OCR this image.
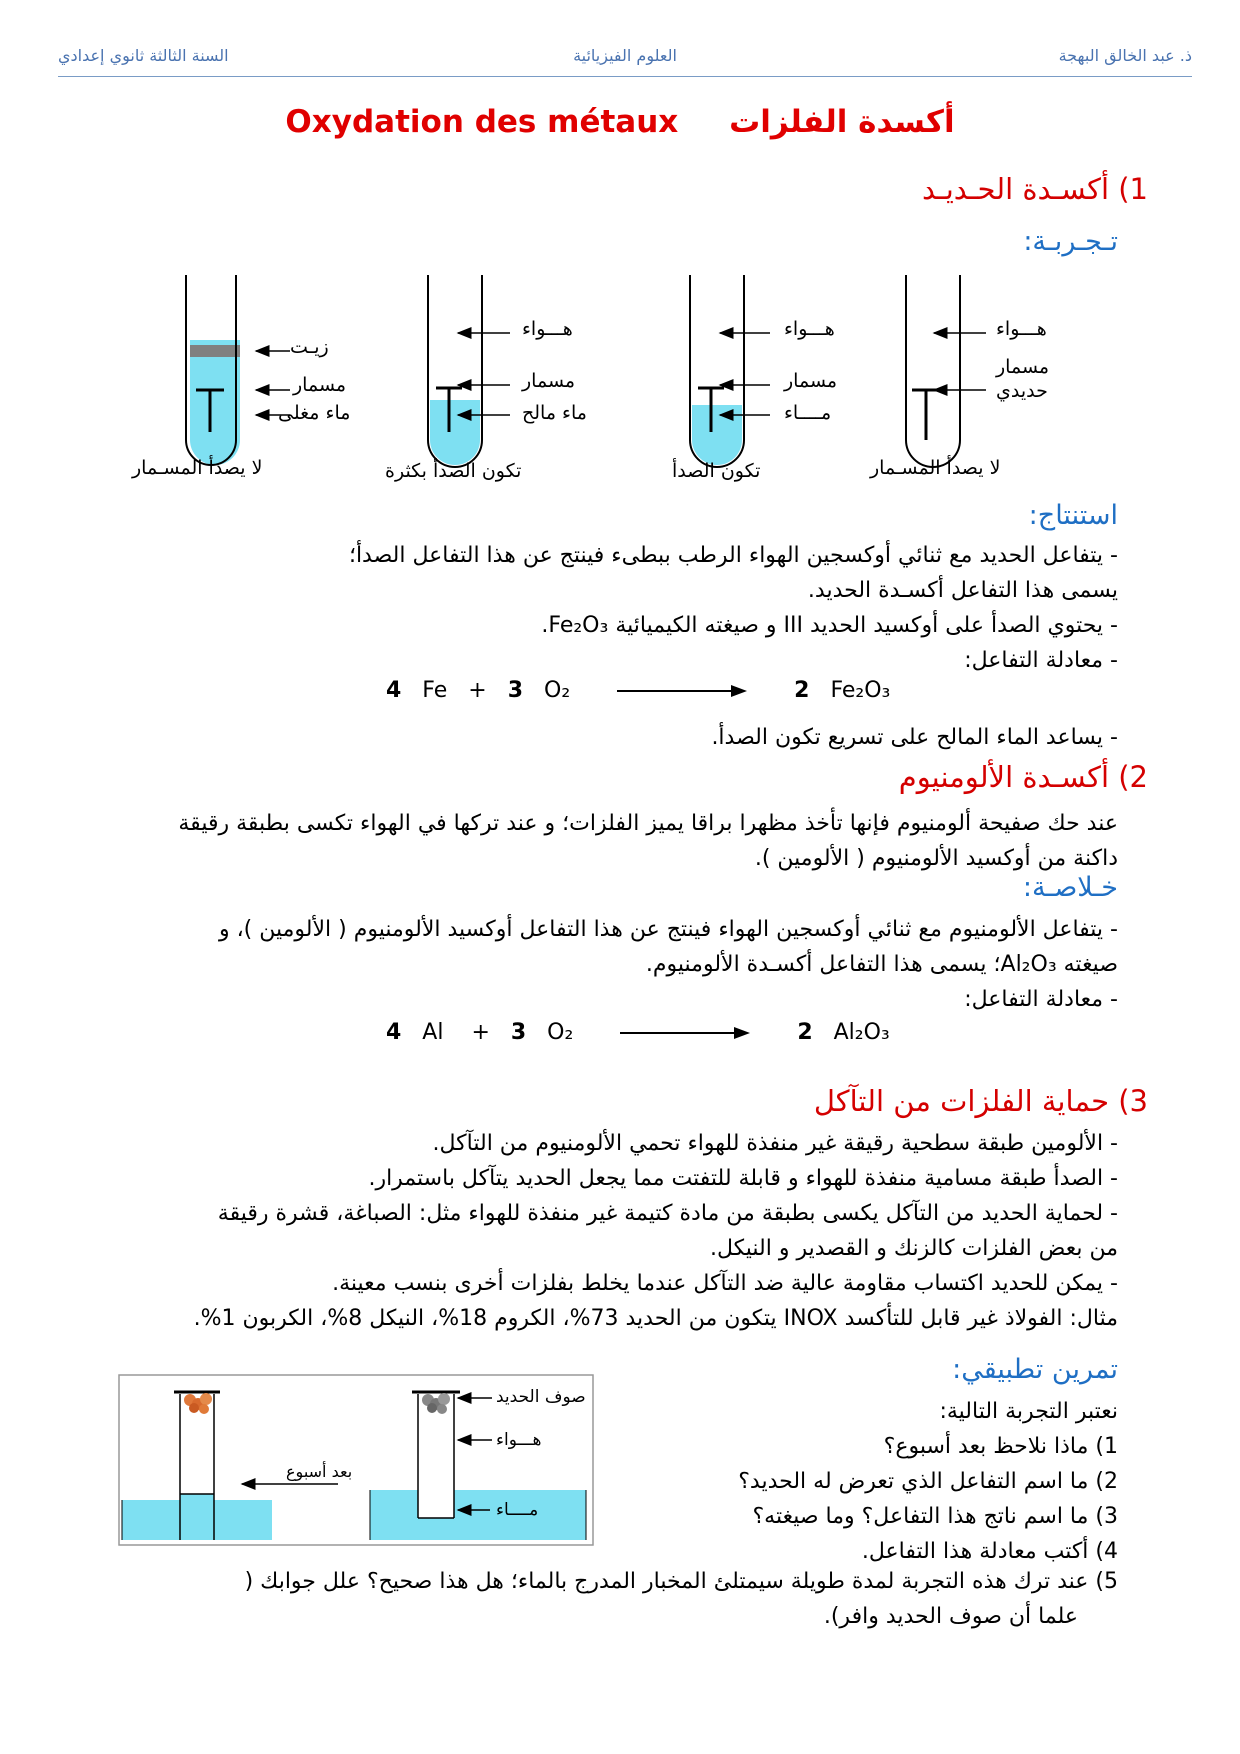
ذ. عبد الخالق البهجة
العلوم الفيزيائية
السنة الثالثة ثانوي إعدادي
Oxydation des métaux أكسدة الفلزات
1) أكسـدة الحـديـد
تـجـربـة:
زيـت
مسمار
ماء مغلى
لا يصدأ المسـمار
هـــواء
مسمار
ماء مالح
تكون الصدأ بكثرة
هـــواء
مسمار
مــــاء
تكون الصدأ
هـــواء
مسمار
حديدي
لا يصدأ المسـمار
استنتاج:

- يتفاعل الحديد مع ثنائي أوكسجين الهواء الرطب ببطىء فينتج عن هذا التفاعل الصدأ؛

يسمى هذا التفاعل أكسـدة الحديد.

- يحتوي الصدأ على أوكسيد الحديد III و صيغته الكيميائية Fe₂O₃.

- معادلة التفاعل:

4 Fe + 3 O₂	2 Fe₂O₃

- يساعد الماء المالح على تسريع تكون الصدأ.

2) أكسـدة الألومنيوم

عند حك صفيحة ألومنيوم فإنها تأخذ مظهرا براقا يميز الفلزات؛ و عند تركها في الهواء تكسى بطبقة رقيقة

داكنة من أوكسيد الألومنيوم ( الألومين ).

خـلاصـة:

- يتفاعل الألومنيوم مع ثنائي أوكسجين الهواء فينتج عن هذا التفاعل أوكسيد الألومنيوم ( الألومين )، و

صيغته Al₂O₃؛ يسمى هذا التفاعل أكسـدة الألومنيوم.

- معادلة التفاعل:

4 Al + 3 O₂	2 Al₂O₃
3) حماية الفلزات من التآكل

- الألومين طبقة سطحية رقيقة غير منفذة للهواء تحمي الألومنيوم من التآكل.

- الصدأ طبقة مسامية منفذة للهواء و قابلة للتفتت مما يجعل الحديد يتآكل باستمرار.

- لحماية الحديد من التآكل يكسى بطبقة من مادة كتيمة غير منفذة للهواء مثل: الصباغة، قشرة رقيقة

من بعض الفلزات كالزنك و القصدير و النيكل.

- يمكن للحديد اكتساب مقاومة عالية ضد التآكل عندما يخلط بفلزات أخرى بنسب معينة.

مثال: الفولاذ غير قابل للتأكسد INOX يتكون من الحديد 73%، الكروم 18%، النيكل 8%، الكربون 1%.

تمرين تطبيقي:

نعتبر التجربة التالية:

1) ماذا نلاحظ بعد أسبوع؟

2) ما اسم التفاعل الذي تعرض له الحديد؟

3) ما اسم ناتج هذا التفاعل؟ وما صيغته؟

4) أكتب معادلة هذا التفاعل.

5) عند ترك هذه التجربة لمدة طويلة سيمتلئ المخبار المدرج بالماء؛ هل هذا صحيح؟ علل جوابك (

علما أن صوف الحديد وافر).

صوف الحديد
هـــواء
مــــاء
بعد أسبوع
